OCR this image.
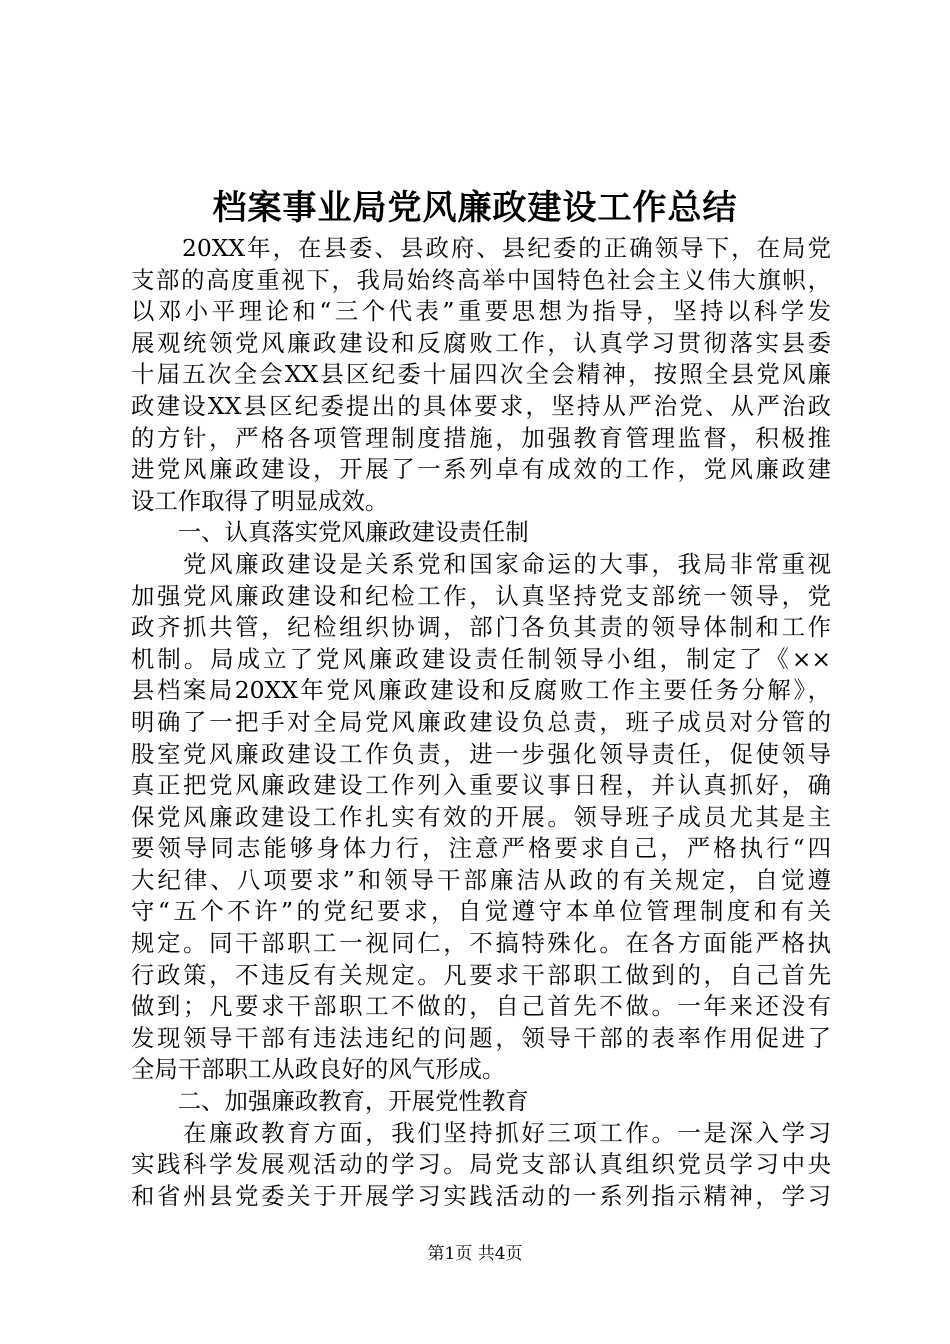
档案事业局党风廉政建设工作总结
　　20XX年，在县委、县政府、县纪委的正确领导下，在局党
支部的高度重视下，我局始终高举中国特色社会主义伟大旗帜，
以邓小平理论和“三个代表”重要思想为指导，坚持以科学发
展观统领党风廉政建设和反腐败工作，认真学习贯彻落实县委
十届五次全会XX县区纪委十届四次全会精神，按照全县党风廉
政建设XX县区纪委提出的具体要求，坚持从严治党、从严治政
的方针，严格各项管理制度措施，加强教育管理监督，积极推
进党风廉政建设，开展了一系列卓有成效的工作，党风廉政建
设工作取得了明显成效。
　　一、认真落实党风廉政建设责任制
　　党风廉政建设是关系党和国家命运的大事，我局非常重视
加强党风廉政建设和纪检工作，认真坚持党支部统一领导，党
政齐抓共管，纪检组织协调，部门各负其责的领导体制和工作
机制。局成立了党风廉政建设责任制领导小组，制定了《××
县档案局20XX年党风廉政建设和反腐败工作主要任务分解》，
明确了一把手对全局党风廉政建设负总责，班子成员对分管的
股室党风廉政建设工作负责，进一步强化领导责任，促使领导
真正把党风廉政建设工作列入重要议事日程，并认真抓好，确
保党风廉政建设工作扎实有效的开展。领导班子成员尤其是主
要领导同志能够身体力行，注意严格要求自己，严格执行“四
大纪律、八项要求”和领导干部廉洁从政的有关规定，自觉遵
守“五个不许”的党纪要求，自觉遵守本单位管理制度和有关
规定。同干部职工一视同仁，不搞特殊化。在各方面能严格执
行政策，不违反有关规定。凡要求干部职工做到的，自己首先
做到；凡要求干部职工不做的，自己首先不做。一年来还没有
发现领导干部有违法违纪的问题，领导干部的表率作用促进了
全局干部职工从政良好的风气形成。
　　二、加强廉政教育，开展党性教育
　　在廉政教育方面，我们坚持抓好三项工作。一是深入学习
实践科学发展观活动的学习。局党支部认真组织党员学习中央
和省州县党委关于开展学习实践活动的一系列指示精神，学习
第1页 共4页
